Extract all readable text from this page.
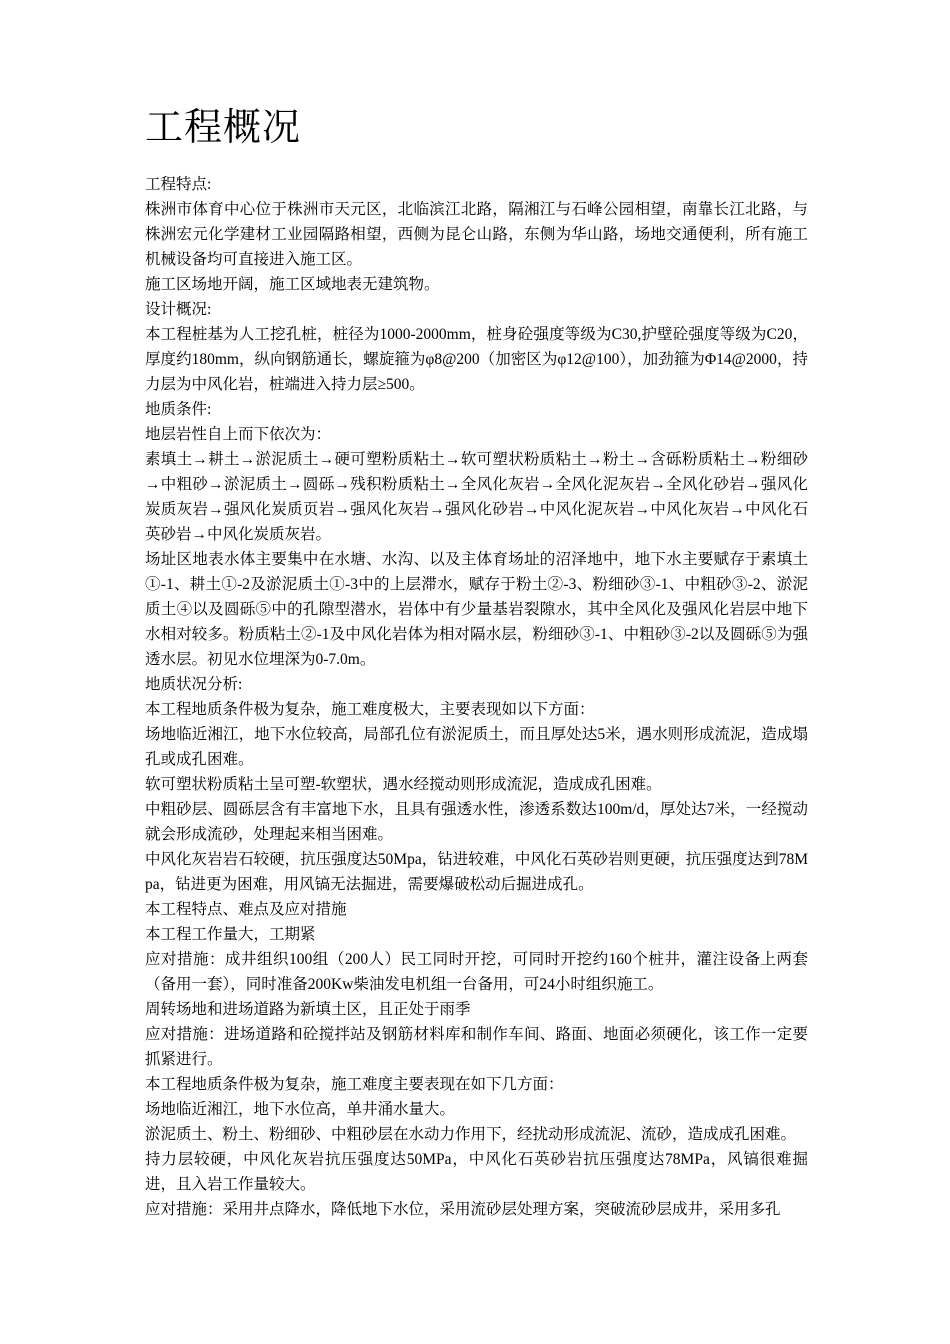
工程概况

工程特点:

株洲市体育中心位于株洲市天元区，北临滨江北路，隔湘江与石峰公园相望，南靠长江北路，与株洲宏元化学建材工业园隔路相望，西侧为昆仑山路，东侧为华山路，场地交通便利，所有施工机械设备均可直接进入施工区。

施工区场地开阔，施工区域地表无建筑物。

设计概况:

本工程桩基为人工挖孔桩，桩径为1000-2000mm，桩身砼强度等级为C30,护壁砼强度等级为C20，厚度约180mm，纵向钢筋通长，螺旋箍为φ8@200（加密区为φ12@100），加劲箍为Φ14@2000，持力层为中风化岩，桩端进入持力层≥500。

地质条件:

地层岩性自上而下依次为：

素填土→耕土→淤泥质土→硬可塑粉质粘土→软可塑状粉质粘土→粉土→含砾粉质粘土→粉细砂→中粗砂→淤泥质土→圆砾→残积粉质粘土→全风化灰岩→全风化泥灰岩→全风化砂岩→强风化炭质灰岩→强风化炭质页岩→强风化灰岩→强风化砂岩→中风化泥灰岩→中风化灰岩→中风化石英砂岩→中风化炭质灰岩。

场址区地表水体主要集中在水塘、水沟、以及主体育场址的沼泽地中，地下水主要赋存于素填土①-1、耕土①-2及淤泥质土①-3中的上层滞水，赋存于粉土②-3、粉细砂③-1、中粗砂③-2、淤泥质土④以及圆砾⑤中的孔隙型潜水，岩体中有少量基岩裂隙水，其中全风化及强风化岩层中地下水相对较多。粉质粘土②-1及中风化岩体为相对隔水层，粉细砂③-1、中粗砂③-2以及圆砾⑤为强透水层。初见水位埋深为0-7.0m。

地质状况分析:

本工程地质条件极为复杂，施工难度极大，主要表现如以下方面：

场地临近湘江，地下水位较高，局部孔位有淤泥质土，而且厚处达5米，遇水则形成流泥，造成塌孔或成孔困难。

软可塑状粉质粘土呈可塑-软塑状，遇水经搅动则形成流泥，造成成孔困难。

中粗砂层、圆砾层含有丰富地下水，且具有强透水性，渗透系数达100m/d，厚处达7米，一经搅动就会形成流砂，处理起来相当困难。

中风化灰岩岩石较硬，抗压强度达50Mpa，钻进较难，中风化石英砂岩则更硬，抗压强度达到78Mpa，钻进更为困难，用风镐无法掘进，需要爆破松动后掘进成孔。

本工程特点、难点及应对措施

本工程工作量大，工期紧

应对措施：成井组织100组（200人）民工同时开挖，可同时开挖约160个桩井，灌注设备上两套（备用一套），同时准备200Kw柴油发电机组一台备用，可24小时组织施工。

周转场地和进场道路为新填土区，且正处于雨季

应对措施：进场道路和砼搅拌站及钢筋材料库和制作车间、路面、地面必须硬化，该工作一定要抓紧进行。

本工程地质条件极为复杂，施工难度主要表现在如下几方面：

场地临近湘江，地下水位高，单井涌水量大。

淤泥质土、粉土、粉细砂、中粗砂层在水动力作用下，经扰动形成流泥、流砂，造成成孔困难。

持力层较硬，中风化灰岩抗压强度达50MPa，中风化石英砂岩抗压强度达78MPa，风镐很难掘进，且入岩工作量较大。

应对措施：采用井点降水，降低地下水位，采用流砂层处理方案，突破流砂层成井，采用多孔
